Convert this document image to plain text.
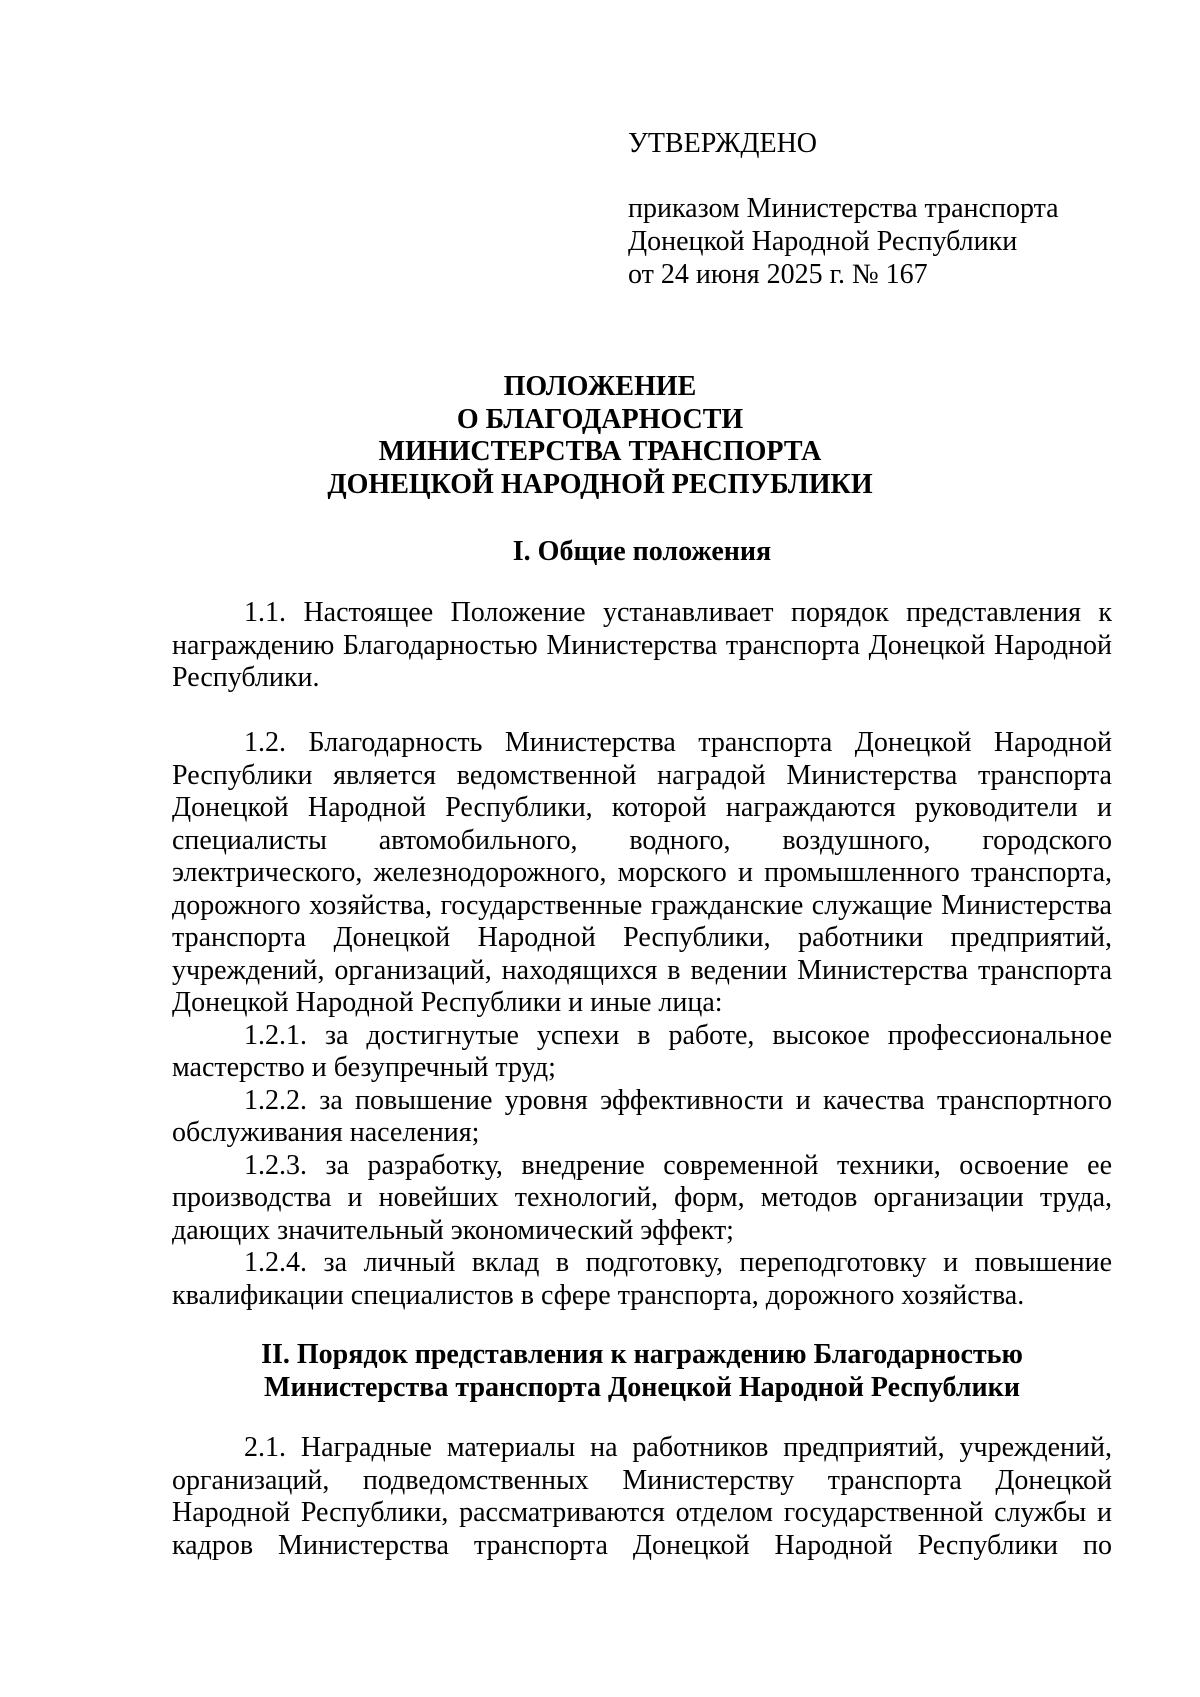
УТВЕРЖДЕНО
приказом Министерства транспорта
Донецкой Народной Республики
от 24 июня 2025 г. № 167
ПОЛОЖЕНИЕ
О БЛАГОДАРНОСТИ
МИНИСТЕРСТВА ТРАНСПОРТА
ДОНЕЦКОЙ НАРОДНОЙ РЕСПУБЛИКИ
I. Общие положения

1.1. Настоящее Положение устанавливает порядок представления к награждению Благодарностью Министерства транспорта Донецкой Народной Республики.

1.2. Благодарность Министерства транспорта Донецкой Народной Республики является ведомственной наградой Министерства транспорта Донецкой Народной Республики, которой награждаются руководители и специалисты автомобильного, водного, воздушного, городского электрического, железнодорожного, морского и промышленного транспорта, дорожного хозяйства, государственные гражданские служащие Министерства транспорта Донецкой Народной Республики, работники предприятий, учреждений, организаций, находящихся в ведении Министерства транспорта Донецкой Народной Республики и иные лица:

1.2.1. за достигнутые успехи в работе, высокое профессиональное мастерство и безупречный труд;

1.2.2. за повышение уровня эффективности и качества транспортного обслуживания населения;

1.2.3. за разработку, внедрение современной техники, освоение ее производства и новейших технологий, форм, методов организации труда, дающих значительный экономический эффект;

1.2.4. за личный вклад в подготовку, переподготовку и повышение квалификации специалистов в сфере транспорта, дорожного хозяйства.

II. Порядок представления к награждению Благодарностью
Министерства транспорта Донецкой Народной Республики

2.1. Наградные материалы на работников предприятий, учреждений, организаций, подведомственных Министерству транспорта Донецкой Народной Республики, рассматриваются отделом государственной службы и кадров Министерства транспорта Донецкой Народной Республики по
